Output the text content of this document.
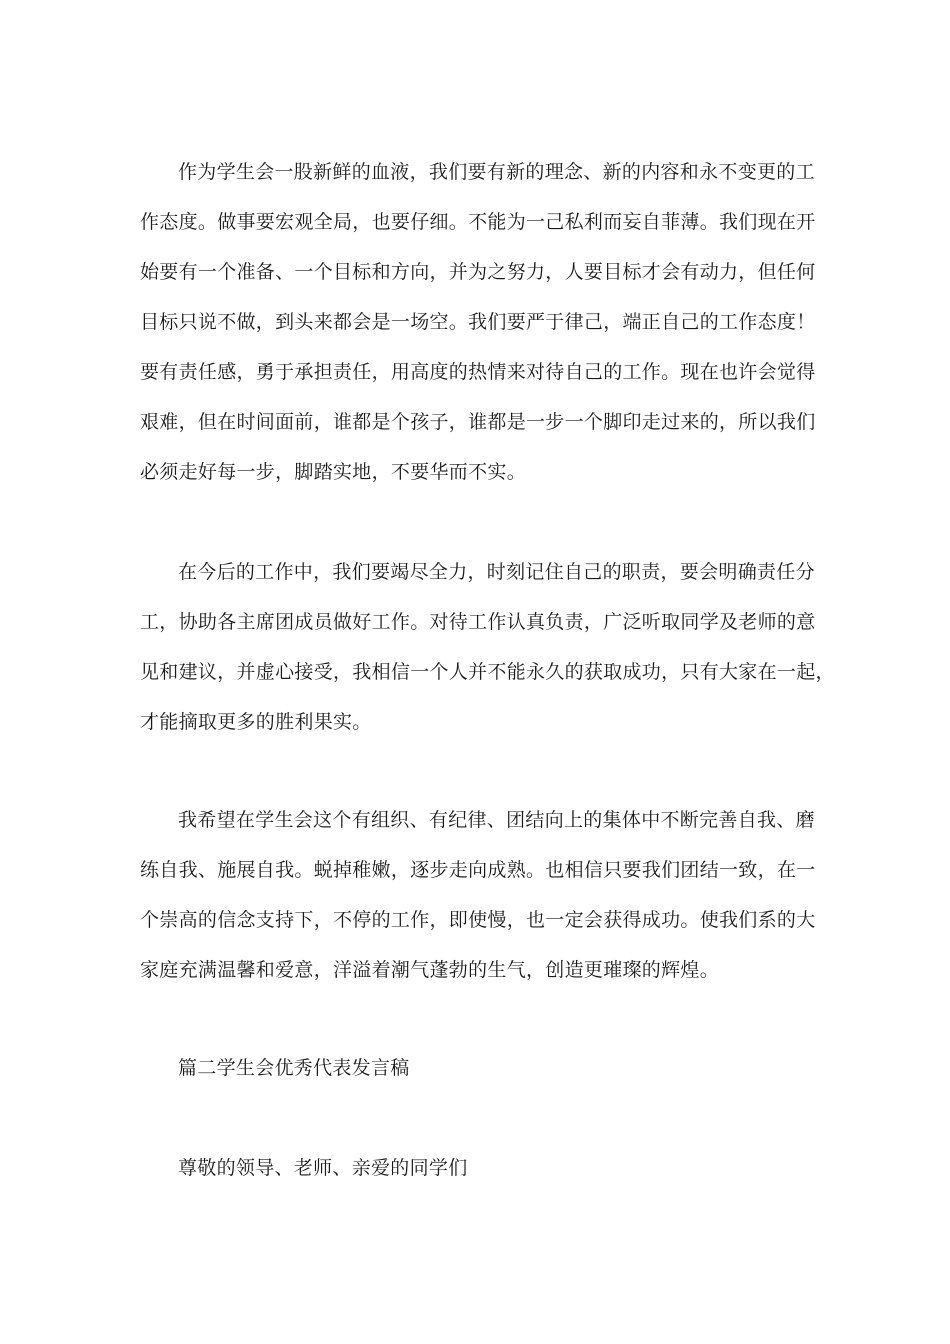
作为学生会一股新鲜的血液，我们要有新的理念、新的内容和永不变更的工
作态度。做事要宏观全局，也要仔细。不能为一己私利而妄自菲薄。我们现在开
始要有一个准备、一个目标和方向，并为之努力，人要目标才会有动力，但任何
目标只说不做，到头来都会是一场空。我们要严于律己，端正自己的工作态度！
要有责任感，勇于承担责任，用高度的热情来对待自己的工作。现在也许会觉得
艰难，但在时间面前，谁都是个孩子，谁都是一步一个脚印走过来的，所以我们
必须走好每一步，脚踏实地，不要华而不实。
在今后的工作中，我们要竭尽全力，时刻记住自己的职责，要会明确责任分
工，协助各主席团成员做好工作。对待工作认真负责，广泛听取同学及老师的意
见和建议，并虚心接受，我相信一个人并不能永久的获取成功，只有大家在一起，
才能摘取更多的胜利果实。
我希望在学生会这个有组织、有纪律、团结向上的集体中不断完善自我、磨
练自我、施展自我。蜕掉稚嫩，逐步走向成熟。也相信只要我们团结一致，在一
个崇高的信念支持下，不停的工作，即使慢，也一定会获得成功。使我们系的大
家庭充满温馨和爱意，洋溢着潮气蓬勃的生气，创造更璀璨的辉煌。
篇二学生会优秀代表发言稿
尊敬的领导、老师、亲爱的同学们
